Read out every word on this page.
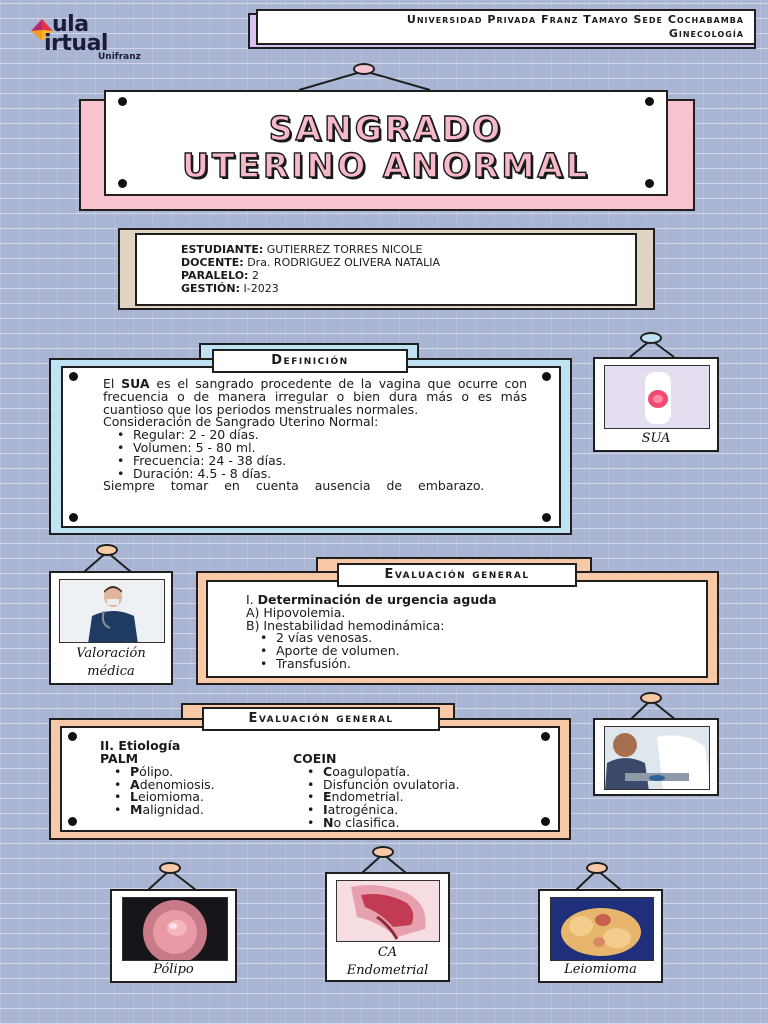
ula
irtual
Unifranz
Universidad Privada Franz Tamayo Sede Cochabamba
Ginecología
SANGRADO
UTERINO ANORMAL
ESTUDIANTE: GUTIERREZ TORRES NICOLE
DOCENTE: Dra. RODRIGUEZ OLIVERA NATALIA
PARALELO: 2
GESTIÓN: I-2023

El SUA es el sangrado procedente de la vagina que ocurre con frecuencia o de manera irregular o bien dura más o es más cuantioso que los periodos menstruales normales.

Consideración de Sangrado Uterino Normal:

• Regular: 2 - 20 días.
• Volumen: 5 - 80 ml.
• Frecuencia: 24 - 38 días.
• Duración: 4.5 - 8 días.

Siempre tomar en cuenta ausencia de embarazo.

Definición
SUA

I. Determinación de urgencia aguda

A) Hipovolemia.

B) Inestabilidad hemodinámica:

• 2 vías venosas.
• Aporte de volumen.
• Transfusión.
Evaluación general
Valoración
médica

II. Etiología

PALM

• Pólipo.
• Adenomiosis.
• Leiomioma.
• Malignidad.

COEIN

• Coagulopatía.
• Disfunción ovulatoria.
• Endometrial.
• Iatrogénica.
• No clasifica.
Evaluación general
Pólipo
CA
Endometrial	Leiomioma
